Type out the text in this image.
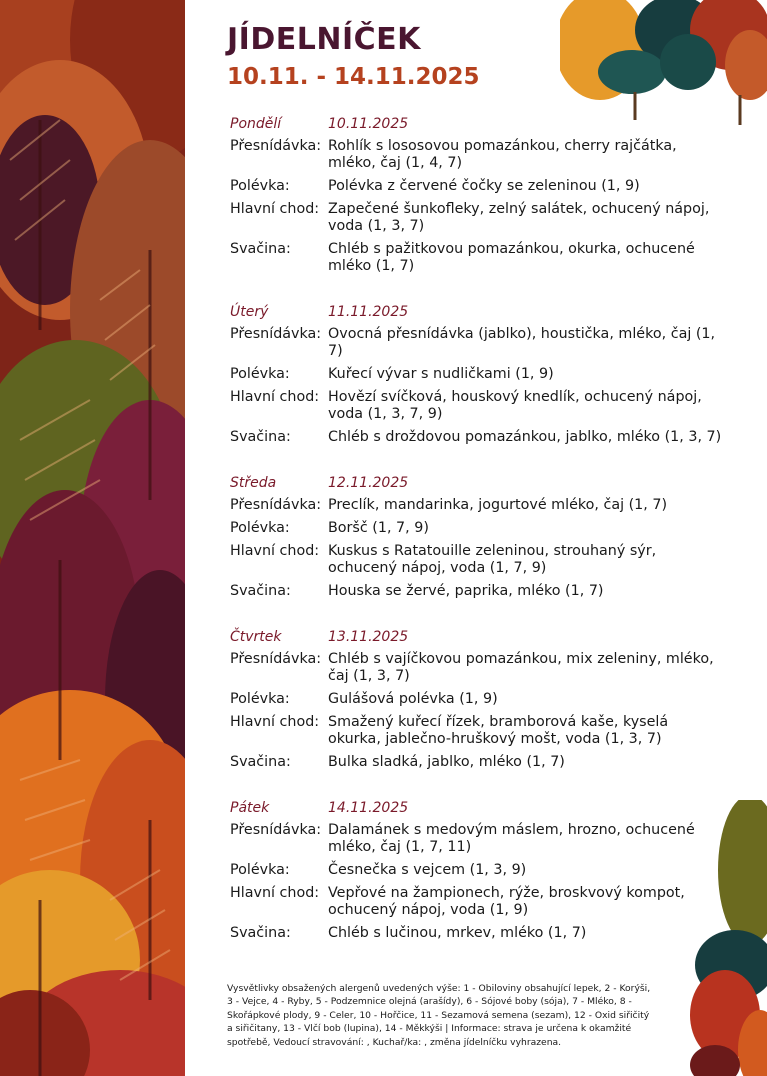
JÍDELNÍČEK
10.11. - 14.11.2025
Pondělí	10.11.2025
Přesnídávka: Rohlík s lososovou pomazánkou, cherry rajčátka, mléko, čaj (1, 4, 7)
Polévka:	Polévka z červené čočky se zeleninou (1, 9)
Hlavní chod: Zapečené šunkofleky, zelný salátek, ochucený nápoj, voda (1, 3, 7)
Svačina:	Chléb s pažitkovou pomazánkou, okurka, ochucené mléko (1, 7)
Úterý	11.11.2025
Přesnídávka: Ovocná přesnídávka (jablko), houstička, mléko, čaj (1, 7)
Polévka:	Kuřecí vývar s nudličkami (1, 9)
Hlavní chod: Hovězí svíčková, houskový knedlík, ochucený nápoj, voda (1, 3, 7, 9)
Svačina:	Chléb s droždovou pomazánkou, jablko, mléko (1, 3, 7)
Středa	12.11.2025
Přesnídávka: Preclík, mandarinka, jogurtové mléko, čaj (1, 7)
Polévka:	Boršč (1, 7, 9)
Hlavní chod: Kuskus s Ratatouille zeleninou, strouhaný sýr, ochucený nápoj, voda (1, 7, 9)
Svačina:	Houska se žervé, paprika, mléko (1, 7)
Čtvrtek	13.11.2025
Přesnídávka: Chléb s vajíčkovou pomazánkou, mix zeleniny, mléko, čaj (1, 3, 7)
Polévka:	Gulášová polévka (1, 9)
Hlavní chod: Smažený kuřecí řízek, bramborová kaše, kyselá okurka, jablečno-hruškový mošt, voda (1, 3, 7)
Svačina:	Bulka sladká, jablko, mléko (1, 7)
Pátek	14.11.2025
Přesnídávka: Dalamánek s medovým máslem, hrozno, ochucené mléko, čaj (1, 7, 11)
Polévka:	Česnečka s vejcem (1, 3, 9)
Hlavní chod: Vepřové na žampionech, rýže, broskvový kompot, ochucený nápoj, voda (1, 9)
Svačina:	Chléb s lučinou, mrkev, mléko (1, 7)
Vysvětlivky obsažených alergenů uvedených výše: 1 - Obiloviny obsahující lepek, 2 - Korýši, 3 - Vejce, 4 - Ryby, 5 - Podzemnice olejná (arašídy), 6 - Sójové boby (sója), 7 - Mléko, 8 - Skořápkové plody, 9 - Celer, 10 - Hořčice, 11 - Sezamová semena (sezam), 12 - Oxid siřičitý a siřičitany, 13 - Vlčí bob (lupina), 14 - Měkkýši | Informace: strava je určena k okamžité spotřebě, Vedoucí stravování: , Kuchař/ka: , změna jídelníčku vyhrazena.
